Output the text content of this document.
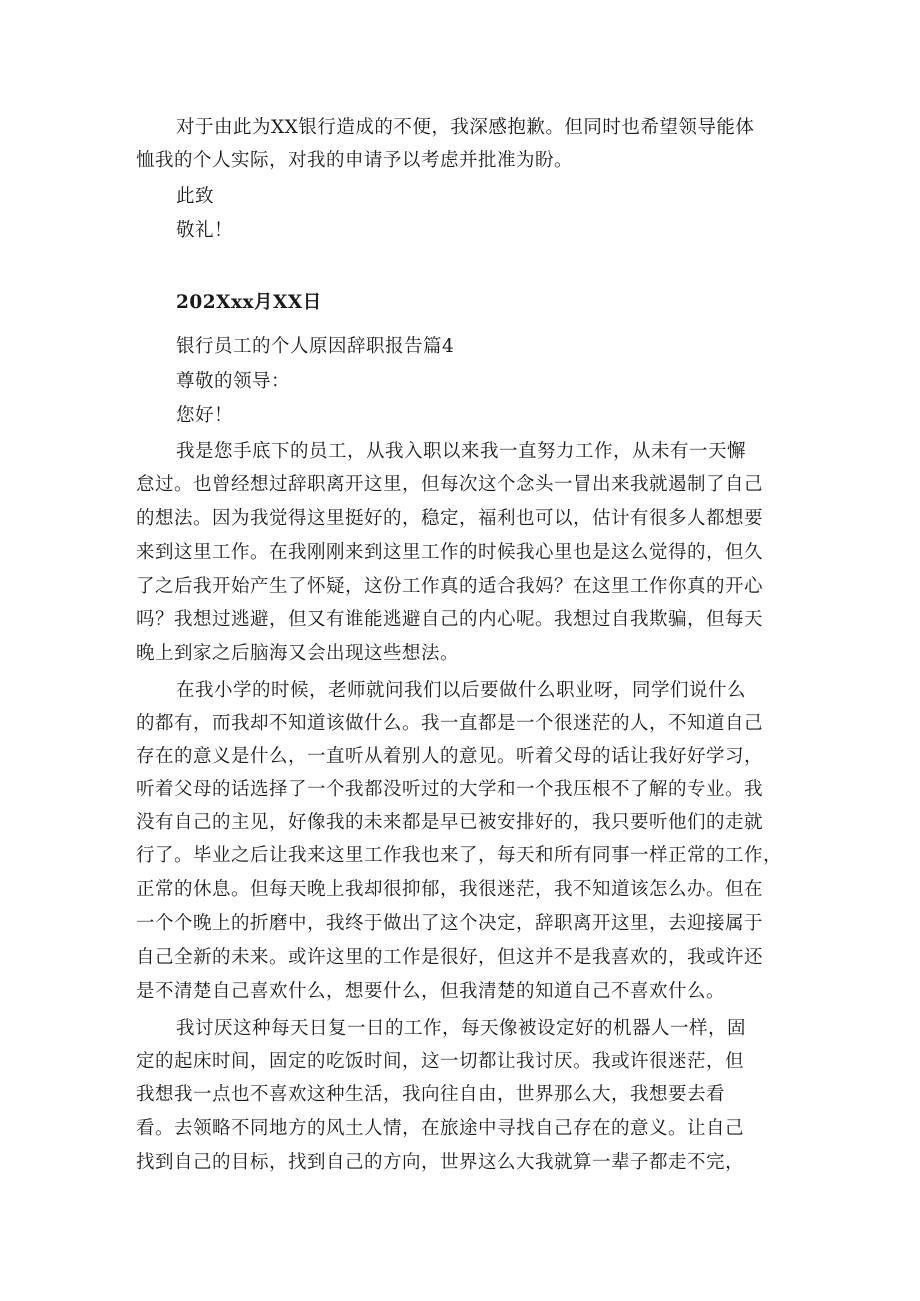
对于由此为XX银行造成的不便，我深感抱歉。但同时也希望领导能体
恤我的个人实际，对我的申请予以考虑并批准为盼。
此致
敬礼！
202Xxx月XX日
银行员工的个人原因辞职报告篇4
尊敬的领导：
您好！
我是您手底下的员工，从我入职以来我一直努力工作，从未有一天懈
怠过。也曾经想过辞职离开这里，但每次这个念头一冒出来我就遏制了自己
的想法。因为我觉得这里挺好的，稳定，福利也可以，估计有很多人都想要
来到这里工作。在我刚刚来到这里工作的时候我心里也是这么觉得的，但久
了之后我开始产生了怀疑，这份工作真的适合我妈？在这里工作你真的开心
吗？我想过逃避，但又有谁能逃避自己的内心呢。我想过自我欺骗，但每天
晚上到家之后脑海又会出现这些想法。
在我小学的时候，老师就问我们以后要做什么职业呀，同学们说什么
的都有，而我却不知道该做什么。我一直都是一个很迷茫的人，不知道自己
存在的意义是什么，一直听从着别人的意见。听着父母的话让我好好学习，
听着父母的话选择了一个我都没听过的大学和一个我压根不了解的专业。我
没有自己的主见，好像我的未来都是早已被安排好的，我只要听他们的走就
行了。毕业之后让我来这里工作我也来了，每天和所有同事一样正常的工作，
正常的休息。但每天晚上我却很抑郁，我很迷茫，我不知道该怎么办。但在
一个个晚上的折磨中，我终于做出了这个决定，辞职离开这里，去迎接属于
自己全新的未来。或许这里的工作是很好，但这并不是我喜欢的，我或许还
是不清楚自己喜欢什么，想要什么，但我清楚的知道自己不喜欢什么。
我讨厌这种每天日复一日的工作，每天像被设定好的机器人一样，固
定的起床时间，固定的吃饭时间，这一切都让我讨厌。我或许很迷茫，但
我想我一点也不喜欢这种生活，我向往自由，世界那么大，我想要去看
看。去领略不同地方的风土人情，在旅途中寻找自己存在的意义。让自己
找到自己的目标，找到自己的方向，世界这么大我就算一辈子都走不完，
